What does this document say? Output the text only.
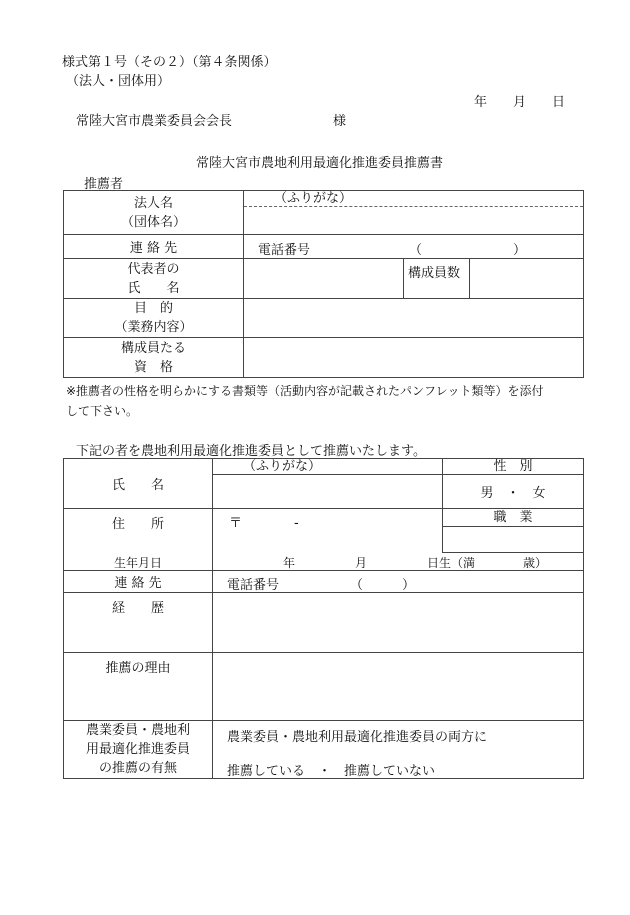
様式第１号（その２）（第４条関係）
（法人・団体用）
年　　月　　日
常陸大宮市農業委員会会長	様
常陸大宮市農地利用最適化推進委員推薦書
推薦者
法人名
（団体名）	（ふりがな）		

連 絡 先	電話番号 （　　　　　　　）		

代表者の
氏　　名		構成員数	
目　的
（業務内容）			
構成員たる
資　格			
※推薦者の性格を明らかにする書類等（活動内容が記載されたパンフレット類等）を添付
して下さい。
下記の者を農地利用最適化推進委員として推薦いたします。
氏　　名	（ふりがな）	性　別
		男　・　女
住　　所	〒　　　　-	職　業

生年月日	年　　　　　月　　　　　日生（満　　　　歳）	
連 絡 先	電話番号 （　　　）	

経　　歴		
推薦の理由		
農業委員・農地利
用最適化推進委員
の推薦の有無	農業委員・農地利用最適化推進委員の両方に
推薦している　・　推薦していない	
